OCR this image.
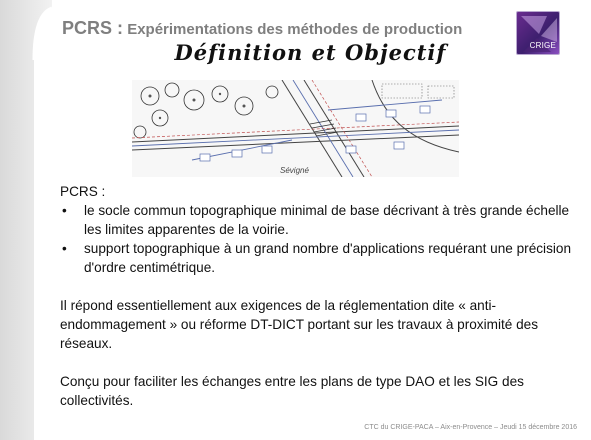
PCRS : Expérimentations des méthodes de production
Définition et Objectif	CRIGE
Sévigné
PCRS :
• le socle commun topographique minimal de base décrivant à très grande échelle les limites apparentes de la voirie.
• support topographique à un grand nombre d'applications requérant une précision d'ordre centimétrique.
Il répond essentiellement aux exigences de la réglementation dite « anti-endommagement » ou réforme DT-DICT portant sur les travaux à proximité des réseaux.
Conçu pour faciliter les échanges entre les plans de type DAO et les SIG des collectivités.
CTC du CRIGE-PACA – Aix-en-Provence – Jeudi 15 décembre 2016
